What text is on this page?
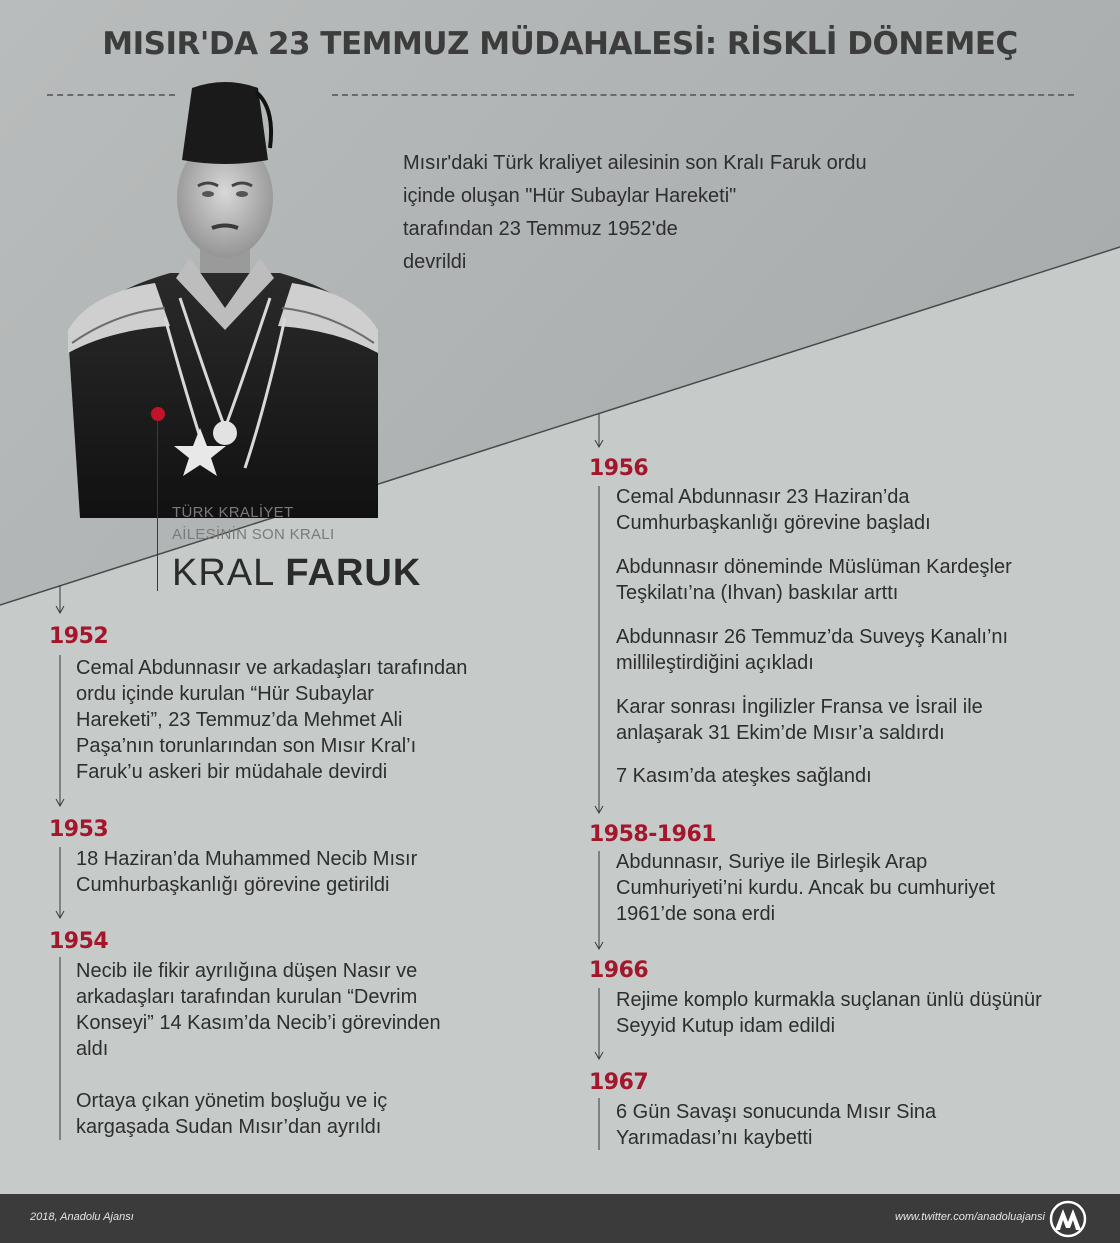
MISIR'DA 23 TEMMUZ MÜDAHALESİ: RİSKLİ DÖNEMEÇ
Mısır'daki Türk kraliyet ailesinin son Kralı Faruk ordu
içinde oluşan "Hür Subaylar Hareketi"
tarafından 23 Temmuz 1952'de
devrildi
TÜRK KRALİYET
AİLESİNİN SON KRALI
KRAL FARUK
1952
Cemal Abdunnasır ve arkadaşları tarafından
ordu içinde kurulan “Hür Subaylar
Hareketi”, 23 Temmuz’da Mehmet Ali
Paşa’nın torunlarından son Mısır Kral’ı
Faruk’u askeri bir müdahale devirdi
1953
18 Haziran’da Muhammed Necib Mısır
Cumhurbaşkanlığı görevine getirildi
1954
Necib ile fikir ayrılığına düşen Nasır ve
arkadaşları tarafından kurulan “Devrim
Konseyi” 14 Kasım’da Necib’i görevinden
aldı
Ortaya çıkan yönetim boşluğu ve iç
kargaşada Sudan Mısır’dan ayrıldı
1956
Cemal Abdunnasır 23 Haziran’da
Cumhurbaşkanlığı görevine başladı
Abdunnasır döneminde Müslüman Kardeşler
Teşkilatı’na (Ihvan) baskılar arttı
Abdunnasır 26 Temmuz’da Suveyş Kanalı’nı
millileştirdiğini açıkladı
Karar sonrası İngilizler Fransa ve İsrail ile
anlaşarak 31 Ekim’de Mısır’a saldırdı
7 Kasım’da ateşkes sağlandı
1958-1961
Abdunnasır, Suriye ile Birleşik Arap
Cumhuriyeti’ni kurdu. Ancak bu cumhuriyet
1961’de sona erdi
1966
Rejime komplo kurmakla suçlanan ünlü düşünür
Seyyid Kutup idam edildi
1967
6 Gün Savaşı sonucunda Mısır Sina
Yarımadası’nı kaybetti
2018, Anadolu Ajansı	www.twitter.com/anadoluajansi
